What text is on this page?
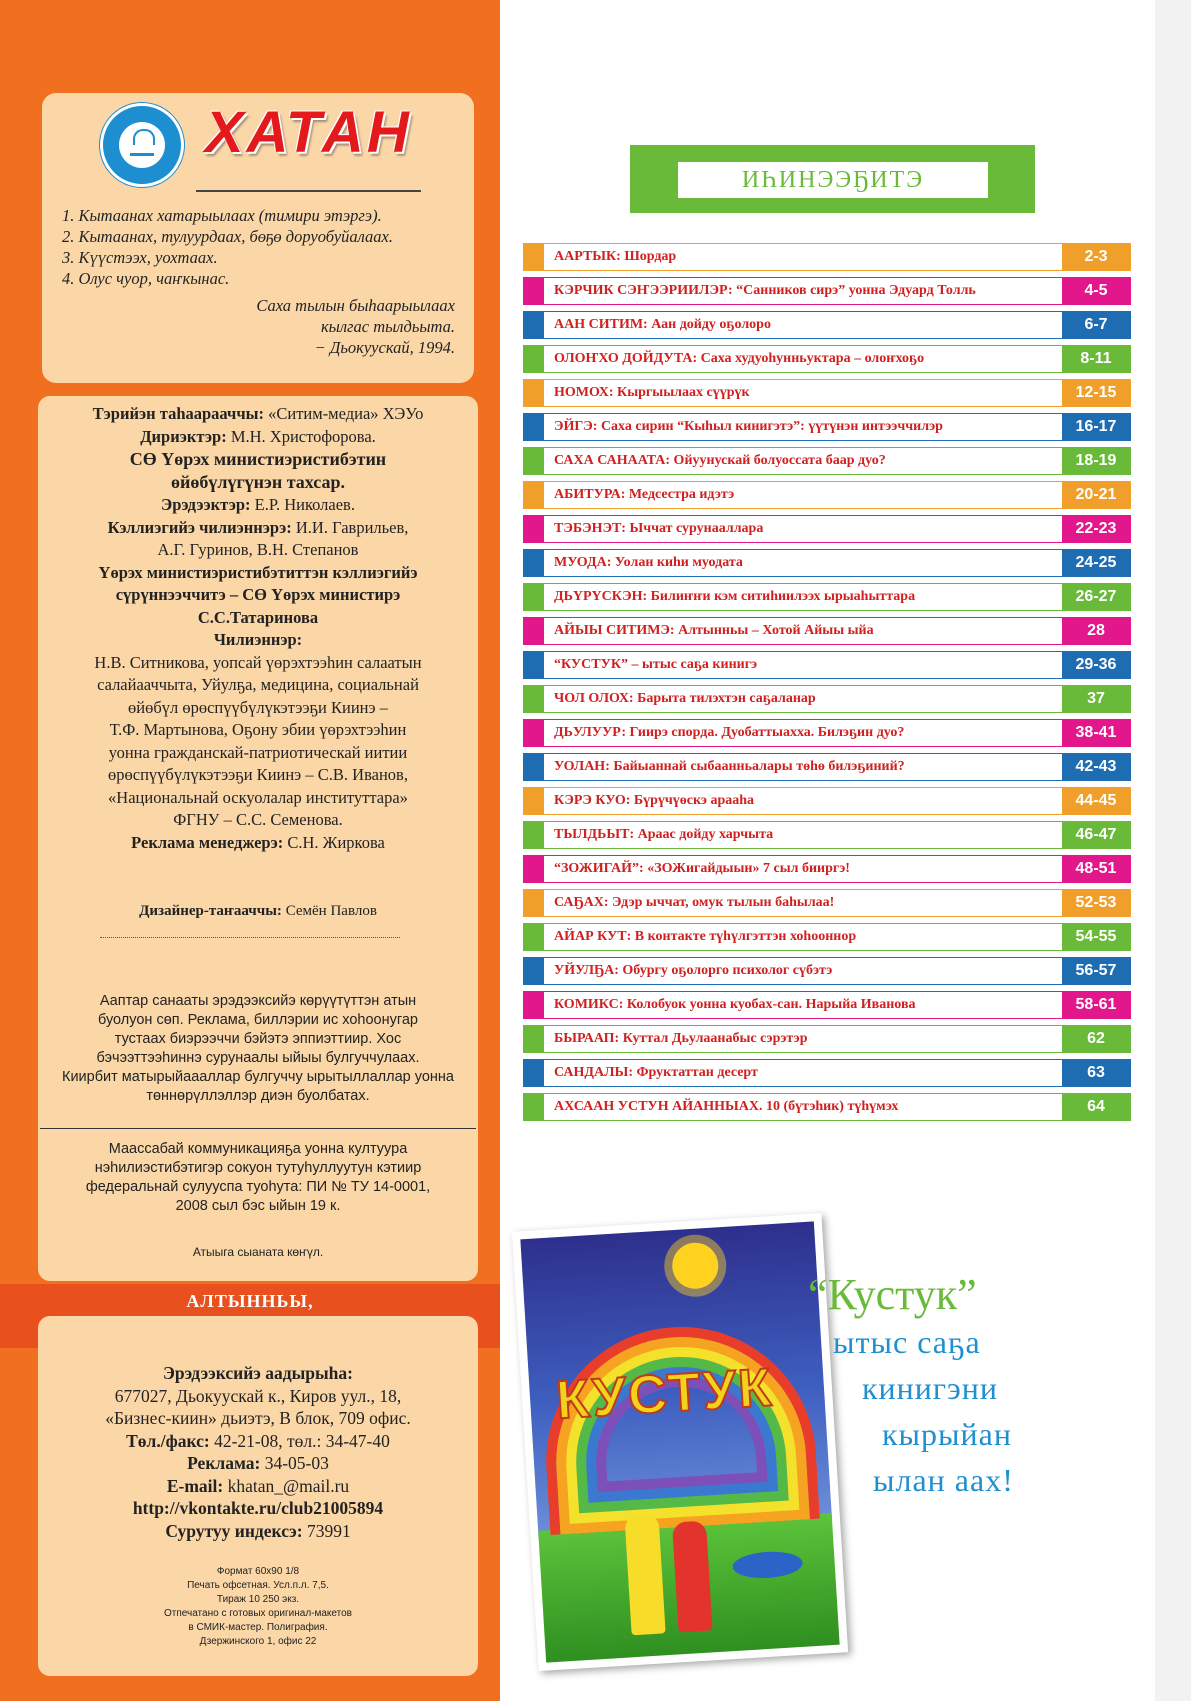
ХАТАН
1. Кытаанах хатарыылаах (тимири этэргэ).
2. Кытаанах, тулуурдаах, бөҕө доруобуйалаах.
3. Күүстээх, уохтаах.
4. Олус чуор, чаҥкынас.
Саха тылын быһаарыылаах
кылгас тылдьыта.
− Дьокуускай, 1994.
Тэрийэн таһаарааччы: «Ситим-медиа» ХЭУо
Дириэктэр: М.Н. Христофорова.
СӨ Үөрэх министиэристибэтин
өйөбүлүгүнэн тахсар.
Эрэдээктэр: Е.Р. Николаев.
Кэллиэгийэ чилиэннэрэ: И.И. Гаврильев,
А.Г. Гуринов, В.Н. Степанов
Үөрэх министиэристибэтиттэн кэллиэгийэ
сүрүннээччитэ – СӨ Үөрэх министирэ
С.С.Татаринова
Чилиэннэр:
Н.В. Ситникова, уопсай үөрэхтээһин салаатын
салайааччыта, Уйулҕа, медицина, социальнай
өйөбүл өрөспүүбүлүкэтээҕи Киинэ –
Т.Ф. Мартынова, Оҕону эбии үөрэхтээһин
уонна гражданскай-патриотическай иитии
өрөспүүбүлүкэтээҕи Киинэ – С.В. Иванов,
«Национальнай оскуолалар институттара»
ФГНУ – С.С. Семенова.
Реклама менеджерэ: С.Н. Жиркова
Дизайнер-таҥааччы: Семён Павлов
Ааптар санааты эрэдээксийэ көрүүтүттэн атын
буолуон сөп. Реклама, биллэрии ис хоһоонугар
тустаах биэрээччи бэйэтэ эппиэттиир. Хос
бэчээттээһиннэ сурунаалы ыйыы булгуччулаах.
Киирбит матырыйаааллар булгуччу ырытыллаллар уонна
төннөрүллэллэр диэн буолбатах.
Маассабай коммуникацияҕа уонна култуура
нэһилиэстибэтигэр сокуон тутуһуллуутун кэтиир
федеральнай сулууспа туоһута: ПИ № ТУ 14-0001,
2008 сыл бэс ыйын 19 к.
Атыыга сыаната көҥүл.
АЛТЫННЬЫ,
Эрэдээксийэ аадырыһа:
677027, Дьокуускай к., Киров уул., 18,
«Бизнес-киин» дьиэтэ, В блок, 709 офис.
Төл./факс: 42-21-08, төл.: 34-47-40
Реклама: 34-05-03
E-mail: khatan_@mail.ru
http://vkontakte.ru/club21005894
Сурутуу индексэ: 73991
Формат 60x90 1/8
Печать офсетная. Усл.п.л. 7,5.
Тираж 10 250 экз.
Отпечатано с готовых оригинал-макетов
в СМИК-мастер. Полиграфия.
Дзержинского 1, офис 22
ИҺИНЭЭҔИТЭ
ААРТЫК: Шордар	2-3
КЭРЧИК СЭҤЭЭРИИЛЭР: “Санников сирэ” уонна Эдуард Толль	4-5
ААН СИТИМ: Аан дойду оҕолоро	6-7
ОЛОҤХО ДОЙДУТА: Саха худуоһунньуктара – олоҥхоҕо	8-11
НОМОХ: Кыргыылаах сүүрүк	12-15
ЭЙГЭ: Саха сирин “Кыһыл кинигэтэ”: үүтүнэн интээччилэр	16-17
САХА САНААТА: Ойуунускай болуоссата баар дуо?	18-19
АБИТУРА: Медсестра идэтэ	20-21
ТЭБЭНЭТ: Ыччат сурунааллара	22-23
МУОДА: Уолан киһи муодата	24-25
ДЬҮРҮСКЭН: Билиҥҥи кэм ситиһиилээх ырыаһыттара	26-27
АЙЫЫ СИТИМЭ: Алтынньы – Хотой Айыы ыйа	28
“КУСТУК” – ытыс саҕа кинигэ	29-36
ЧОЛ ОЛОХ: Барыта тилэхтэн саҕаланар	37
ДЬУЛУУР: Гиирэ спорда. Дуобаттыахха. Билэҕин дуо?	38-41
УОЛАН: Байыаннай сыбаанньалары төһө билэҕиний?	42-43
КЭРЭ КУО: Бүрүчүөскэ арааһа	44-45
ТЫЛДЬЫТ: Араас дойду харчыта	46-47
“ЗОЖИГАЙ”: «ЗОЖигайдыын» 7 сыл бииргэ!	48-51
САҔАХ: Эдэр ыччат, омук тылын баһылаа!	52-53
АЙАР КУТ: В контакте түһүлгэттэн хоһооннор	54-55
УЙУЛҔА: Обургу оҕолорго психолог сүбэтэ	56-57
КОМИКС: Колобуок уонна куобах-сан. Нарыйа Иванова	58-61
БЫРААП: Куттал Дьулаанабыс сэрэтэр	62
САНДАЛЫ: Фруктаттан десерт	63
АХСААН УСТУН АЙАННЫАХ. 10 (бүтэһик) түһүмэх	64
КУСТУК
“Кустук”
ытыс саҕа
кинигэни
кырыйан
ылан аах!
